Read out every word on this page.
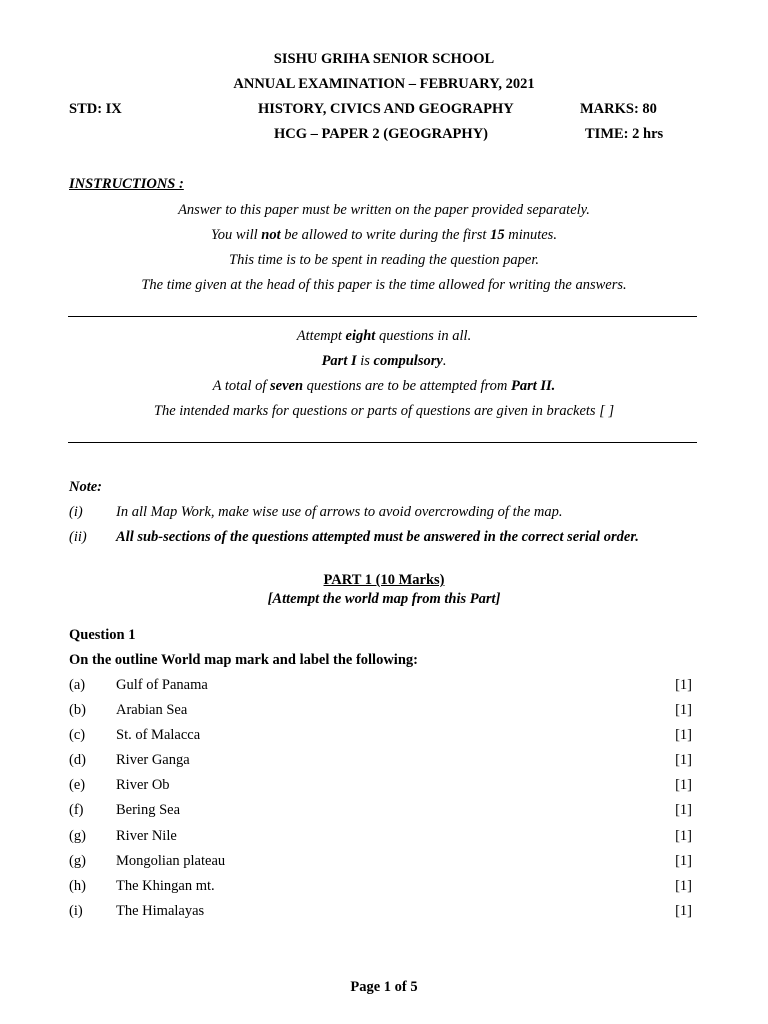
SISHU GRIHA SENIOR SCHOOL
ANNUAL EXAMINATION – FEBRUARY, 2021
STD: IX	HISTORY, CIVICS AND GEOGRAPHY	MARKS: 80
HCG – PAPER 2 (GEOGRAPHY)	TIME: 2 hrs
INSTRUCTIONS :
Answer to this paper must be written on the paper provided separately.
You will not be allowed to write during the first 15 minutes.
This time is to be spent in reading the question paper.
The time given at the head of this paper is the time allowed for writing the answers.
Attempt eight questions in all.
Part I is compulsory.
A total of seven questions are to be attempted from Part II.
The intended marks for questions or parts of questions are given in brackets [ ]
Note:
(i) In all Map Work, make wise use of arrows to avoid overcrowding of the map.
(ii) All sub-sections of the questions attempted must be answered in the correct serial order.
PART 1 (10 Marks)
[Attempt the world map from this Part]
Question 1
On the outline World map mark and label the following:
(a) Gulf of Panama	[1]
(b) Arabian Sea	[1]
(c) St. of Malacca	[1]
(d) River Ganga	[1]
(e) River Ob	[1]
(f) Bering Sea	[1]
(g) River Nile	[1]
(g) Mongolian plateau	[1]
(h) The Khingan mt.	[1]
(i) The Himalayas	[1]
Page 1 of 5
